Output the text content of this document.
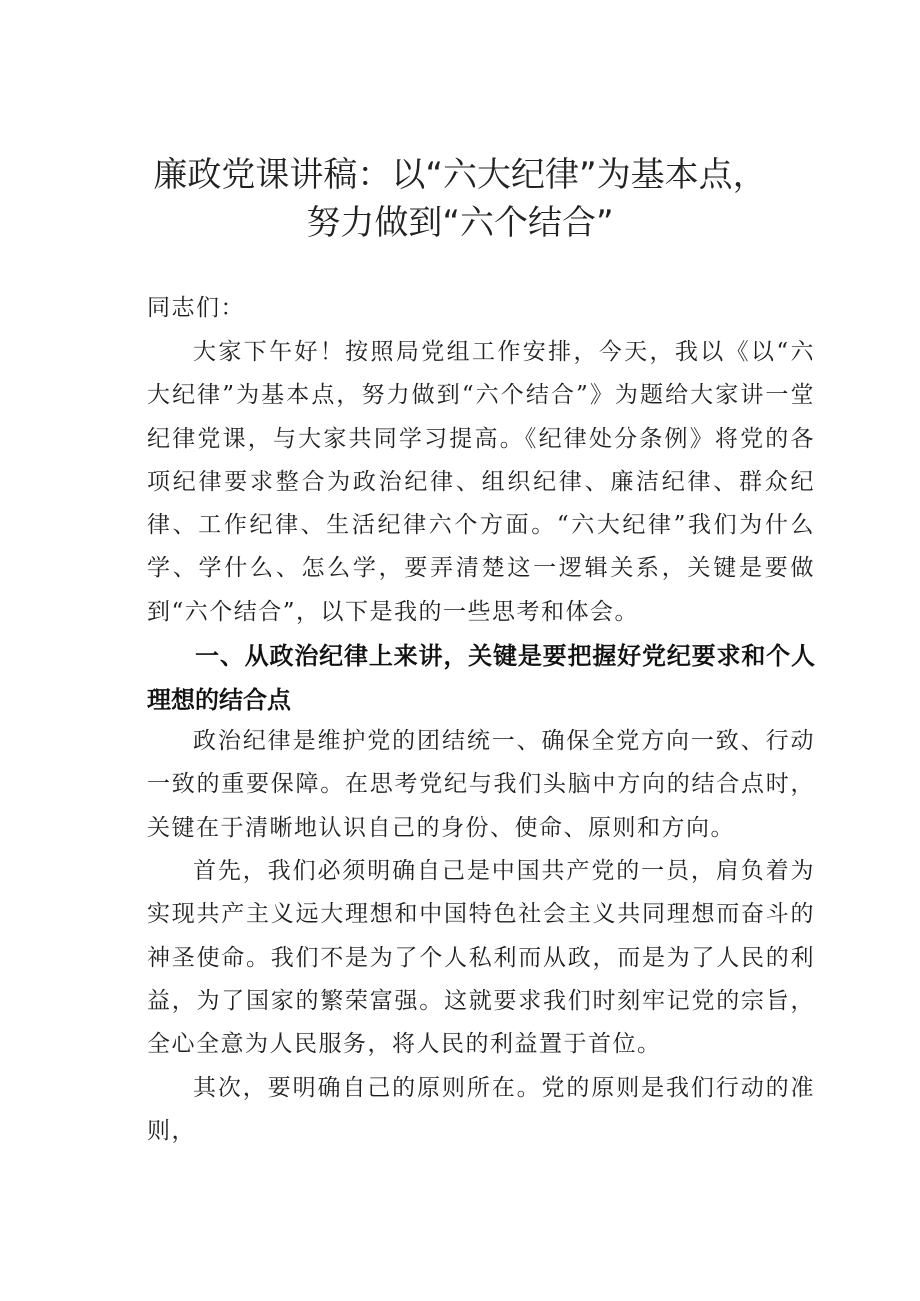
廉政党课讲稿：以“六大纪律”为基本点，
努力做到“六个结合”

同志们：

大家下午好！按照局党组工作安排，今天，我以《以“六大纪律”为基本点，努力做到“六个结合”》为题给大家讲一堂纪律党课，与大家共同学习提高。《纪律处分条例》将党的各项纪律要求整合为政治纪律、组织纪律、廉洁纪律、群众纪律、工作纪律、生活纪律六个方面。“六大纪律”我们为什么学、学什么、怎么学，要弄清楚这一逻辑关系，关键是要做到“六个结合”，以下是我的一些思考和体会。

一、从政治纪律上来讲，关键是要把握好党纪要求和个人理想的结合点

政治纪律是维护党的团结统一、确保全党方向一致、行动一致的重要保障。在思考党纪与我们头脑中方向的结合点时，关键在于清晰地认识自己的身份、使命、原则和方向。

首先，我们必须明确自己是中国共产党的一员，肩负着为实现共产主义远大理想和中国特色社会主义共同理想而奋斗的神圣使命。我们不是为了个人私利而从政，而是为了人民的利益，为了国家的繁荣富强。这就要求我们时刻牢记党的宗旨，全心全意为人民服务，将人民的利益置于首位。

其次，要明确自己的原则所在。党的原则是我们行动的准则，
